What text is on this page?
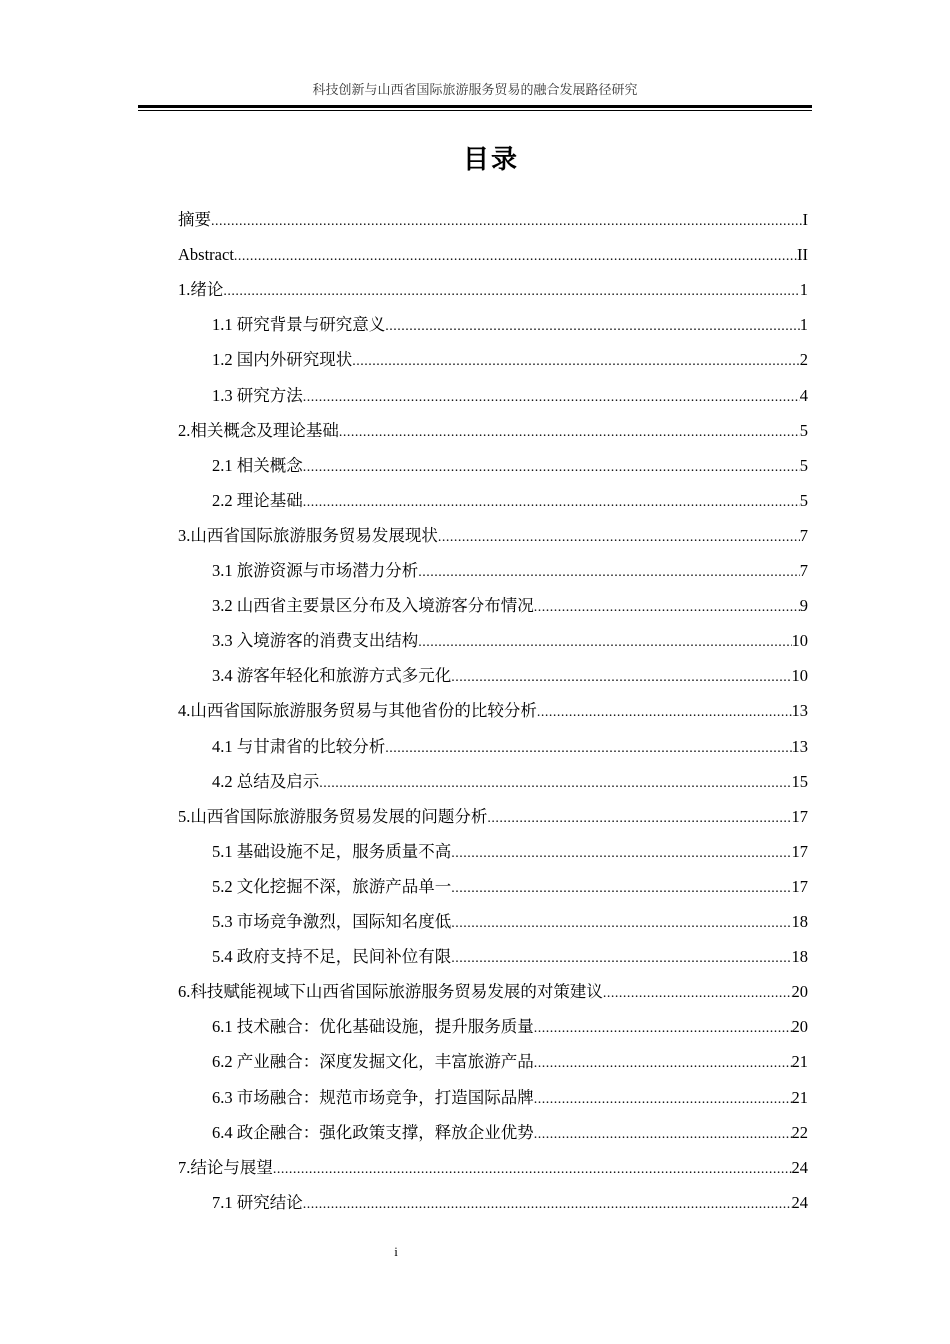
科技创新与山西省国际旅游服务贸易的融合发展路径研究
目录
摘要 .....	I
Abstract .....	II
1.绪论 .....	1
1.1 研究背景与研究意义 .....	1
1.2 国内外研究现状 .....	2
1.3 研究方法 .....	4
2.相关概念及理论基础 .....	5
2.1 相关概念 .....	5
2.2 理论基础 .....	5
3.山西省国际旅游服务贸易发展现状 .....	7
3.1 旅游资源与市场潜力分析 .....	7
3.2 山西省主要景区分布及入境游客分布情况 .....	9
3.3 入境游客的消费支出结构 .....	10
3.4 游客年轻化和旅游方式多元化 .....	10
4.山西省国际旅游服务贸易与其他省份的比较分析 .....	13
4.1 与甘肃省的比较分析 .....	13
4.2 总结及启示 .....	15
5.山西省国际旅游服务贸易发展的问题分析 .....	17
5.1 基础设施不足，服务质量不高 .....	17
5.2 文化挖掘不深，旅游产品单一 .....	17
5.3 市场竞争激烈，国际知名度低 .....	18
5.4 政府支持不足，民间补位有限 .....	18
6.科技赋能视域下山西省国际旅游服务贸易发展的对策建议 .....	20
6.1 技术融合：优化基础设施，提升服务质量 .....	20
6.2 产业融合：深度发掘文化，丰富旅游产品 .....	21
6.3 市场融合：规范市场竞争，打造国际品牌 .....	21
6.4 政企融合：强化政策支撑，释放企业优势 .....	22
7.结论与展望 .....	24
7.1 研究结论 .....	24
i
